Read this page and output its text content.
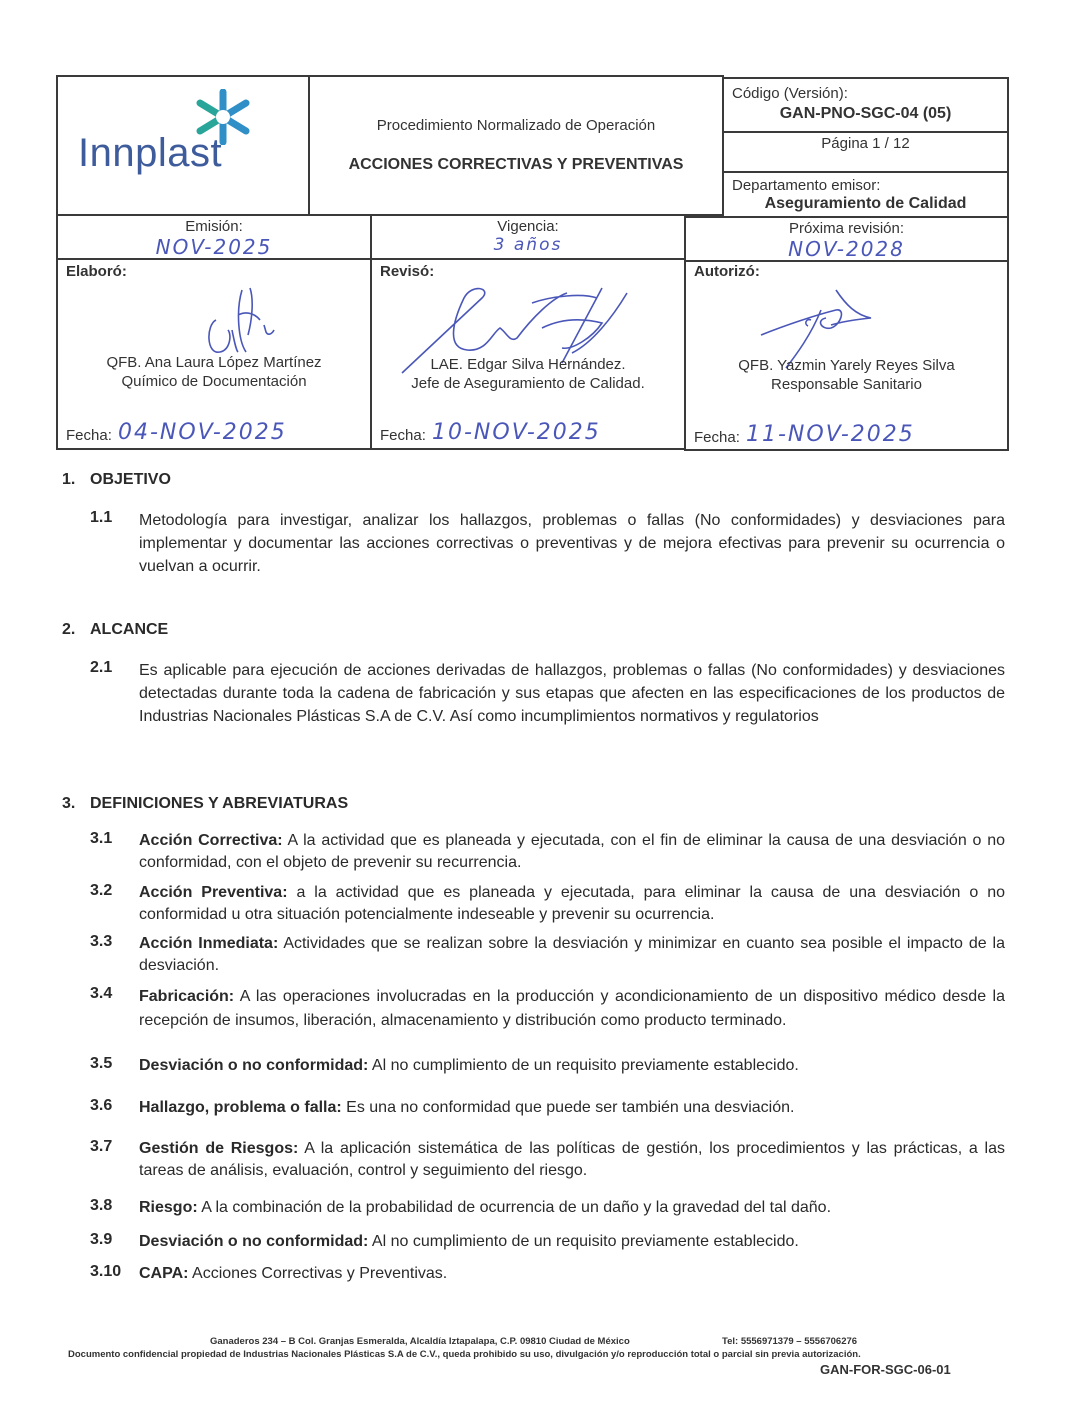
Innplast
Procedimiento Normalizado de Operación
ACCIONES CORRECTIVAS Y PREVENTIVAS
Código (Versión):
GAN-PNO-SGC-04 (05)
Página 1 / 12
Departamento emisor:
Aseguramiento de Calidad
Emisión:
NOV-2025
Vigencia:
3 años
Próxima revisión:
NOV-2028
Elaboró:
QFB. Ana Laura López Martínez
Químico de Documentación
Fecha: 04-NOV-2025
Revisó:
LAE. Edgar Silva Hernández.
Jefe de Aseguramiento de Calidad.
Fecha: 10-NOV-2025
Autorizó:
QFB. Yazmin Yarely Reyes Silva
Responsable Sanitario
Fecha: 11-NOV-2025
1. OBJETIVO
1.1 Metodología para investigar, analizar los hallazgos, problemas o fallas (No conformidades) y desviaciones para implementar y documentar las acciones correctivas o preventivas y de mejora efectivas para prevenir su ocurrencia o vuelvan a ocurrir.
2. ALCANCE
2.1 Es aplicable para ejecución de acciones derivadas de hallazgos, problemas o fallas (No conformidades) y desviaciones detectadas durante toda la cadena de fabricación y sus etapas que afecten en las especificaciones de los productos de Industrias Nacionales Plásticas S.A de C.V. Así como incumplimientos normativos y regulatorios
3. DEFINICIONES Y ABREVIATURAS
3.1 Acción Correctiva: A la actividad que es planeada y ejecutada, con el fin de eliminar la causa de una desviación o no conformidad, con el objeto de prevenir su recurrencia.
3.2 Acción Preventiva: a la actividad que es planeada y ejecutada, para eliminar la causa de una desviación o no conformidad u otra situación potencialmente indeseable y prevenir su ocurrencia.
3.3 Acción Inmediata: Actividades que se realizan sobre la desviación y minimizar en cuanto sea posible el impacto de la desviación.
3.4 Fabricación: A las operaciones involucradas en la producción y acondicionamiento de un dispositivo médico desde la recepción de insumos, liberación, almacenamiento y distribución como producto terminado.
3.5 Desviación o no conformidad: Al no cumplimiento de un requisito previamente establecido.
3.6 Hallazgo, problema o falla: Es una no conformidad que puede ser también una desviación.
3.7 Gestión de Riesgos: A la aplicación sistemática de las políticas de gestión, los procedimientos y las prácticas, a las tareas de análisis, evaluación, control y seguimiento del riesgo.
3.8 Riesgo: A la combinación de la probabilidad de ocurrencia de un daño y la gravedad del tal daño.
3.9 Desviación o no conformidad: Al no cumplimiento de un requisito previamente establecido.
3.10 CAPA: Acciones Correctivas y Preventivas.
Ganaderos 234 – B Col. Granjas Esmeralda, Alcaldía Iztapalapa, C.P. 09810 Ciudad de México	Tel: 5556971379 – 5556706276
Documento confidencial propiedad de Industrias Nacionales Plásticas S.A de C.V., queda prohibido su uso, divulgación y/o reproducción total o parcial sin previa autorización.
GAN-FOR-SGC-06-01
